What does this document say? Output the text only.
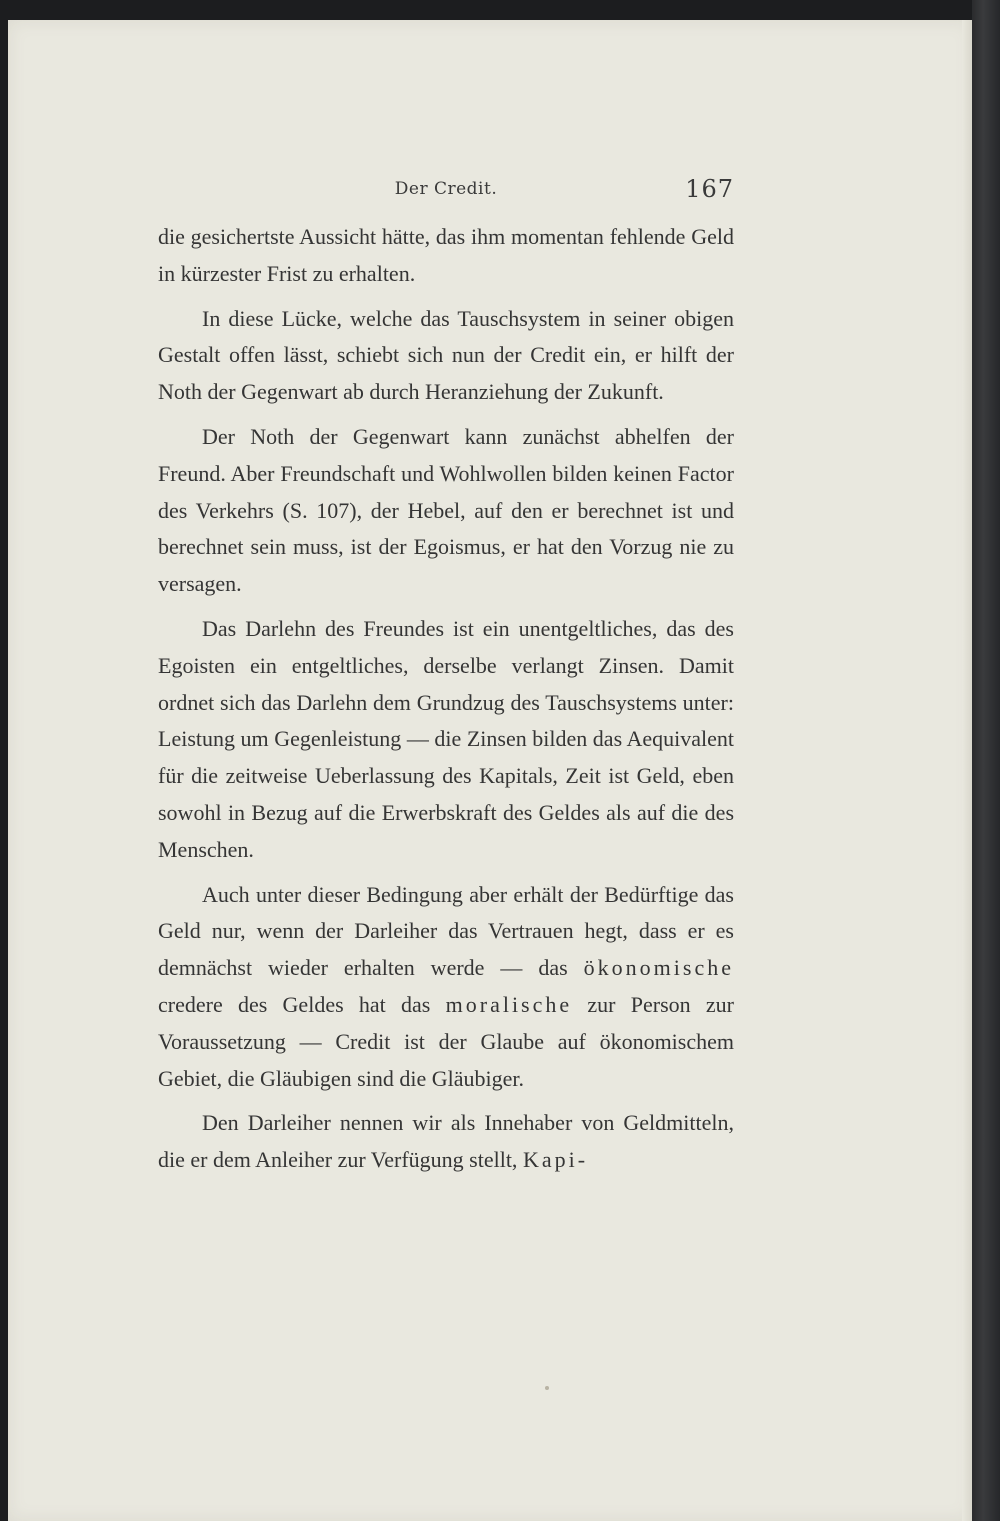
Der Credit.	167

die gesichertste Aussicht hätte, das ihm momentan fehlende Geld in kürzester Frist zu erhalten.

In diese Lücke, welche das Tauschsystem in seiner obigen Gestalt offen lässt, schiebt sich nun der Credit ein, er hilft der Noth der Gegenwart ab durch Heranziehung der Zukunft.

Der Noth der Gegenwart kann zunächst abhelfen der Freund. Aber Freundschaft und Wohlwollen bilden keinen Factor des Verkehrs (S. 107), der Hebel, auf den er berechnet ist und berechnet sein muss, ist der Egoismus, er hat den Vorzug nie zu versagen.

Das Darlehn des Freundes ist ein unentgeltliches, das des Egoisten ein entgeltliches, derselbe verlangt Zinsen. Damit ordnet sich das Darlehn dem Grundzug des Tauschsystems unter: Leistung um Gegenleistung — die Zinsen bilden das Aequivalent für die zeitweise Ueberlassung des Kapitals, Zeit ist Geld, eben sowohl in Bezug auf die Erwerbskraft des Geldes als auf die des Menschen.

Auch unter dieser Bedingung aber erhält der Bedürftige das Geld nur, wenn der Darleiher das Vertrauen hegt, dass er es demnächst wieder erhalten werde — das ökonomische credere des Geldes hat das moralische zur Person zur Voraussetzung — Credit ist der Glaube auf ökonomischem Gebiet, die Gläubigen sind die Gläubiger.

Den Darleiher nennen wir als Innehaber von Geldmitteln, die er dem Anleiher zur Verfügung stellt, Kapi-
